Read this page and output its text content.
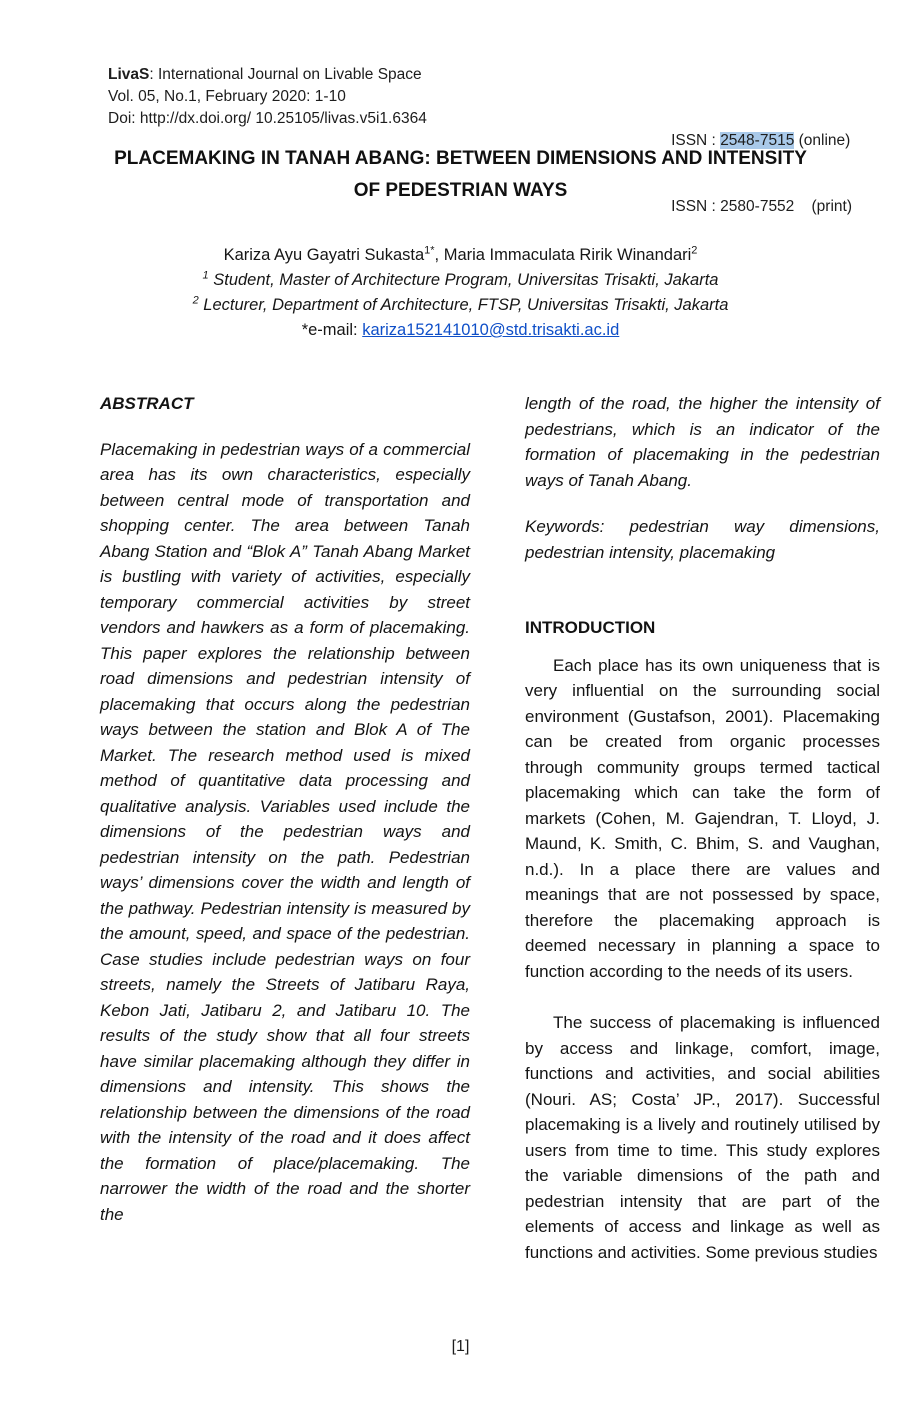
LivaS: International Journal on Livable Space
Vol. 05, No.1, February 2020: 1-10
Doi: http://dx.doi.org/ 10.25105/livas.v5i1.6364

ISSN : 2548-7515 (online)

ISSN : 2580-7552    (print)

PLACEMAKING IN TANAH ABANG: BETWEEN DIMENSIONS AND INTENSITY
OF PEDESTRIAN WAYS
Kariza Ayu Gayatri Sukasta$^{1*}$, Maria Immaculata Ririk Winandari$^2$
$^1$ Student, Master of Architecture Program, Universitas Trisakti, Jakarta
$^2$ Lecturer, Department of Architecture, FTSP, Universitas Trisakti, Jakarta
*e-mail: kariza152141010@std.trisakti.ac.id

ABSTRACT

Placemaking in pedestrian ways of a commercial area has its own characteristics, especially between central mode of transportation and shopping center. The area between Tanah Abang Station and “Blok A” Tanah Abang Market is bustling with variety of activities, especially temporary commercial activities by street vendors and hawkers as a form of placemaking. This paper explores the relationship between road dimensions and pedestrian intensity of placemaking that occurs along the pedestrian ways between the station and Blok A of The Market. The research method used is mixed method of quantitative data processing and qualitative analysis. Variables used include the dimensions of the pedestrian ways and pedestrian intensity on the path. Pedestrian ways’ dimensions cover the width and length of the pathway. Pedestrian intensity is measured by the amount, speed, and space of the pedestrian. Case studies include pedestrian ways on four streets, namely the Streets of Jatibaru Raya, Kebon Jati, Jatibaru 2, and Jatibaru 10. The results of the study show that all four streets have similar placemaking although they differ in dimensions and intensity. This shows the relationship between the dimensions of the road with the intensity of the road and it does affect the formation of place/placemaking. The narrower the width of the road and the shorter the

length of the road, the higher the intensity of pedestrians, which is an indicator of the formation of placemaking in the pedestrian ways of Tanah Abang.

Keywords: pedestrian way dimensions, pedestrian intensity, placemaking

INTRODUCTION

Each place has its own uniqueness that is very influential on the surrounding social environment (Gustafson, 2001). Placemaking can be created from organic processes through community groups termed tactical placemaking which can take the form of markets (Cohen, M. Gajendran, T. Lloyd, J. Maund, K. Smith, C. Bhim, S. and Vaughan, n.d.). In a place there are values and meanings that are not possessed by space, therefore the placemaking approach is deemed necessary in planning a space to function according to the needs of its users.

The success of placemaking is influenced by access and linkage, comfort, image, functions and activities, and social abilities (Nouri. AS; Costa’ JP., 2017). Successful placemaking is a lively and routinely utilised by users from time to time. This study explores the variable dimensions of the path and pedestrian intensity that are part of the elements of access and linkage as well as functions and activities. Some previous studies

[1]
